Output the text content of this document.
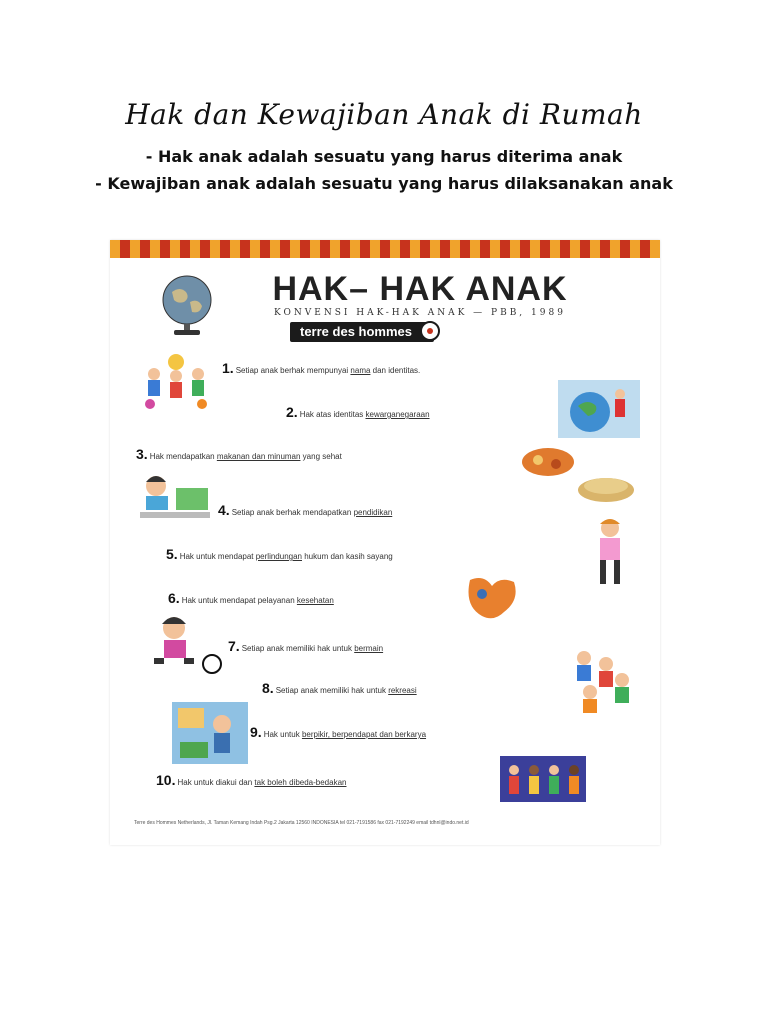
Hak dan Kewajiban Anak di Rumah
- Hak anak adalah sesuatu yang harus diterima anak
- Kewajiban anak adalah sesuatu yang harus dilaksanakan anak
HAK– HAK ANAK
KONVENSI HAK-HAK ANAK — PBB, 1989
terre des hommes
1. Setiap anak berhak mempunyai nama dan identitas.
2. Hak atas identitas kewarganegaraan
3. Hak mendapatkan makanan dan minuman yang sehat
4. Setiap anak berhak mendapatkan pendidikan
5. Hak untuk mendapat perlindungan hukum dan kasih sayang
6. Hak untuk mendapat pelayanan kesehatan
7. Setiap anak memiliki hak untuk bermain
8. Setiap anak memiliki hak untuk rekreasi
9. Hak untuk berpikir, berpendapat dan berkarya
10. Hak untuk diakui dan tak boleh dibeda-bedakan
Terre des Hommes Netherlands, Jl. Taman Kemang Indah Psg.2 Jakarta 12560 INDONESIA tel 021-7191586 fax 021-7192249 email tdhnl@indo.net.id
